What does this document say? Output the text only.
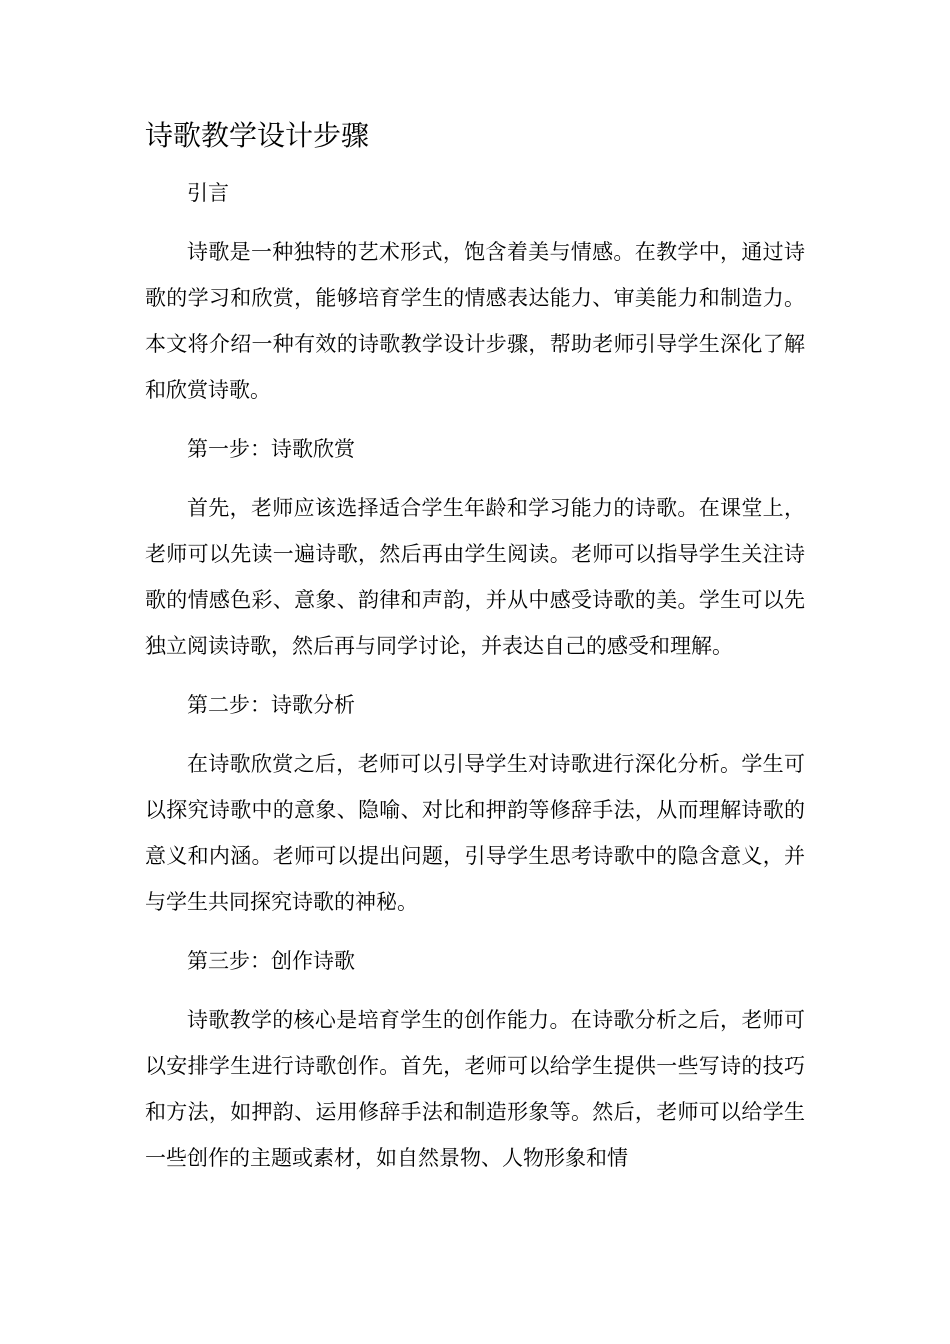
诗歌教学设计步骤
引言

诗歌是一种独特的艺术形式，饱含着美与情感。在教学中，通过诗歌的学习和欣赏，能够培育学生的情感表达能力、审美能力和制造力。本文将介绍一种有效的诗歌教学设计步骤，帮助老师引导学生深化了解和欣赏诗歌。

第一步：诗歌欣赏

首先，老师应该选择适合学生年龄和学习能力的诗歌。在课堂上，老师可以先读一遍诗歌，然后再由学生阅读。老师可以指导学生关注诗歌的情感色彩、意象、韵律和声韵，并从中感受诗歌的美。学生可以先独立阅读诗歌，然后再与同学讨论，并表达自己的感受和理解。

第二步：诗歌分析

在诗歌欣赏之后，老师可以引导学生对诗歌进行深化分析。学生可以探究诗歌中的意象、隐喻、对比和押韵等修辞手法，从而理解诗歌的意义和内涵。老师可以提出问题，引导学生思考诗歌中的隐含意义，并与学生共同探究诗歌的神秘。

第三步：创作诗歌

诗歌教学的核心是培育学生的创作能力。在诗歌分析之后，老师可以安排学生进行诗歌创作。首先，老师可以给学生提供一些写诗的技巧和方法，如押韵、运用修辞手法和制造形象等。然后，老师可以给学生一些创作的主题或素材，如自然景物、人物形象和情
